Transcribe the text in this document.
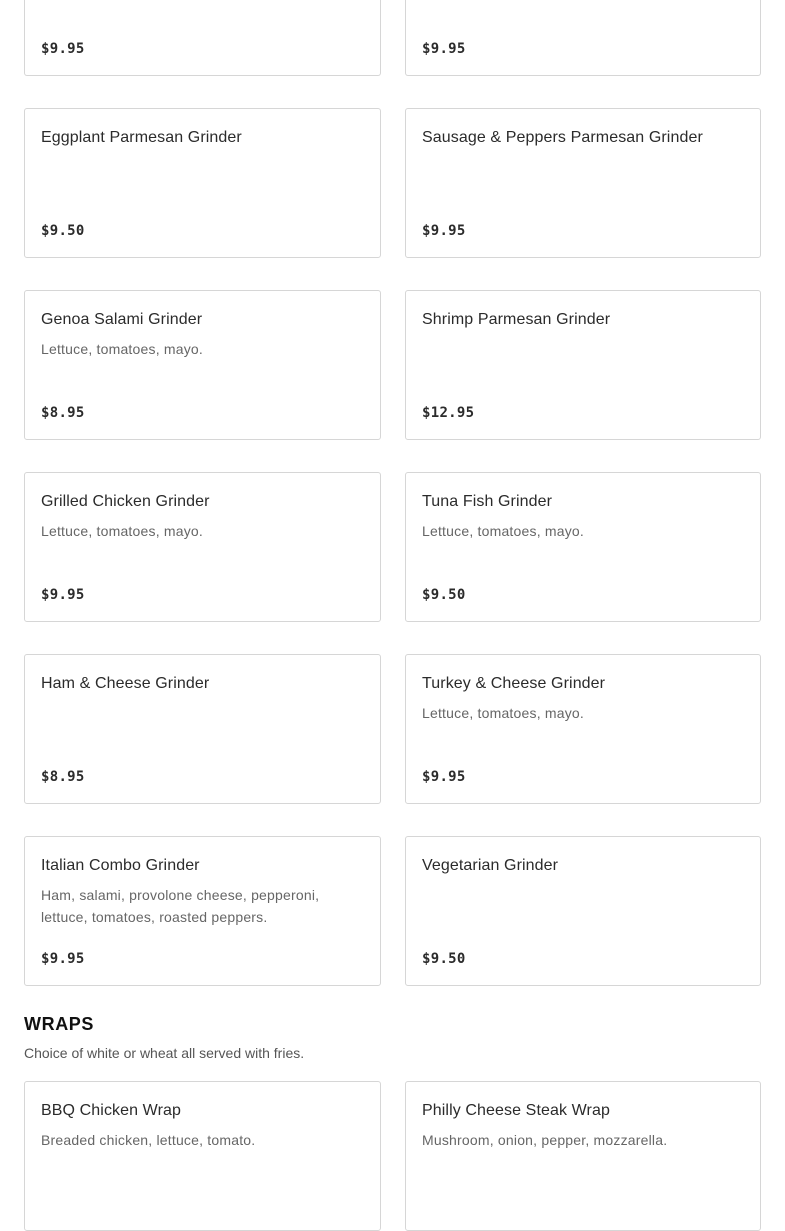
$9.95	$9.95
Eggplant Parmesan Grinder
$9.50
Sausage & Peppers Parmesan Grinder
$9.95
Genoa Salami Grinder
Lettuce, tomatoes, mayo.
$8.95
Shrimp Parmesan Grinder
$12.95
Grilled Chicken Grinder
Lettuce, tomatoes, mayo.
$9.95
Tuna Fish Grinder
Lettuce, tomatoes, mayo.
$9.50
Ham & Cheese Grinder
$8.95
Turkey & Cheese Grinder
Lettuce, tomatoes, mayo.
$9.95
Italian Combo Grinder
Ham, salami, provolone cheese, pepperoni, lettuce, tomatoes, roasted peppers.
$9.95
Vegetarian Grinder
$9.50
WRAPS

Choice of white or wheat all served with fries.

BBQ Chicken Wrap
Breaded chicken, lettuce, tomato.
Philly Cheese Steak Wrap
Mushroom, onion, pepper, mozzarella.
